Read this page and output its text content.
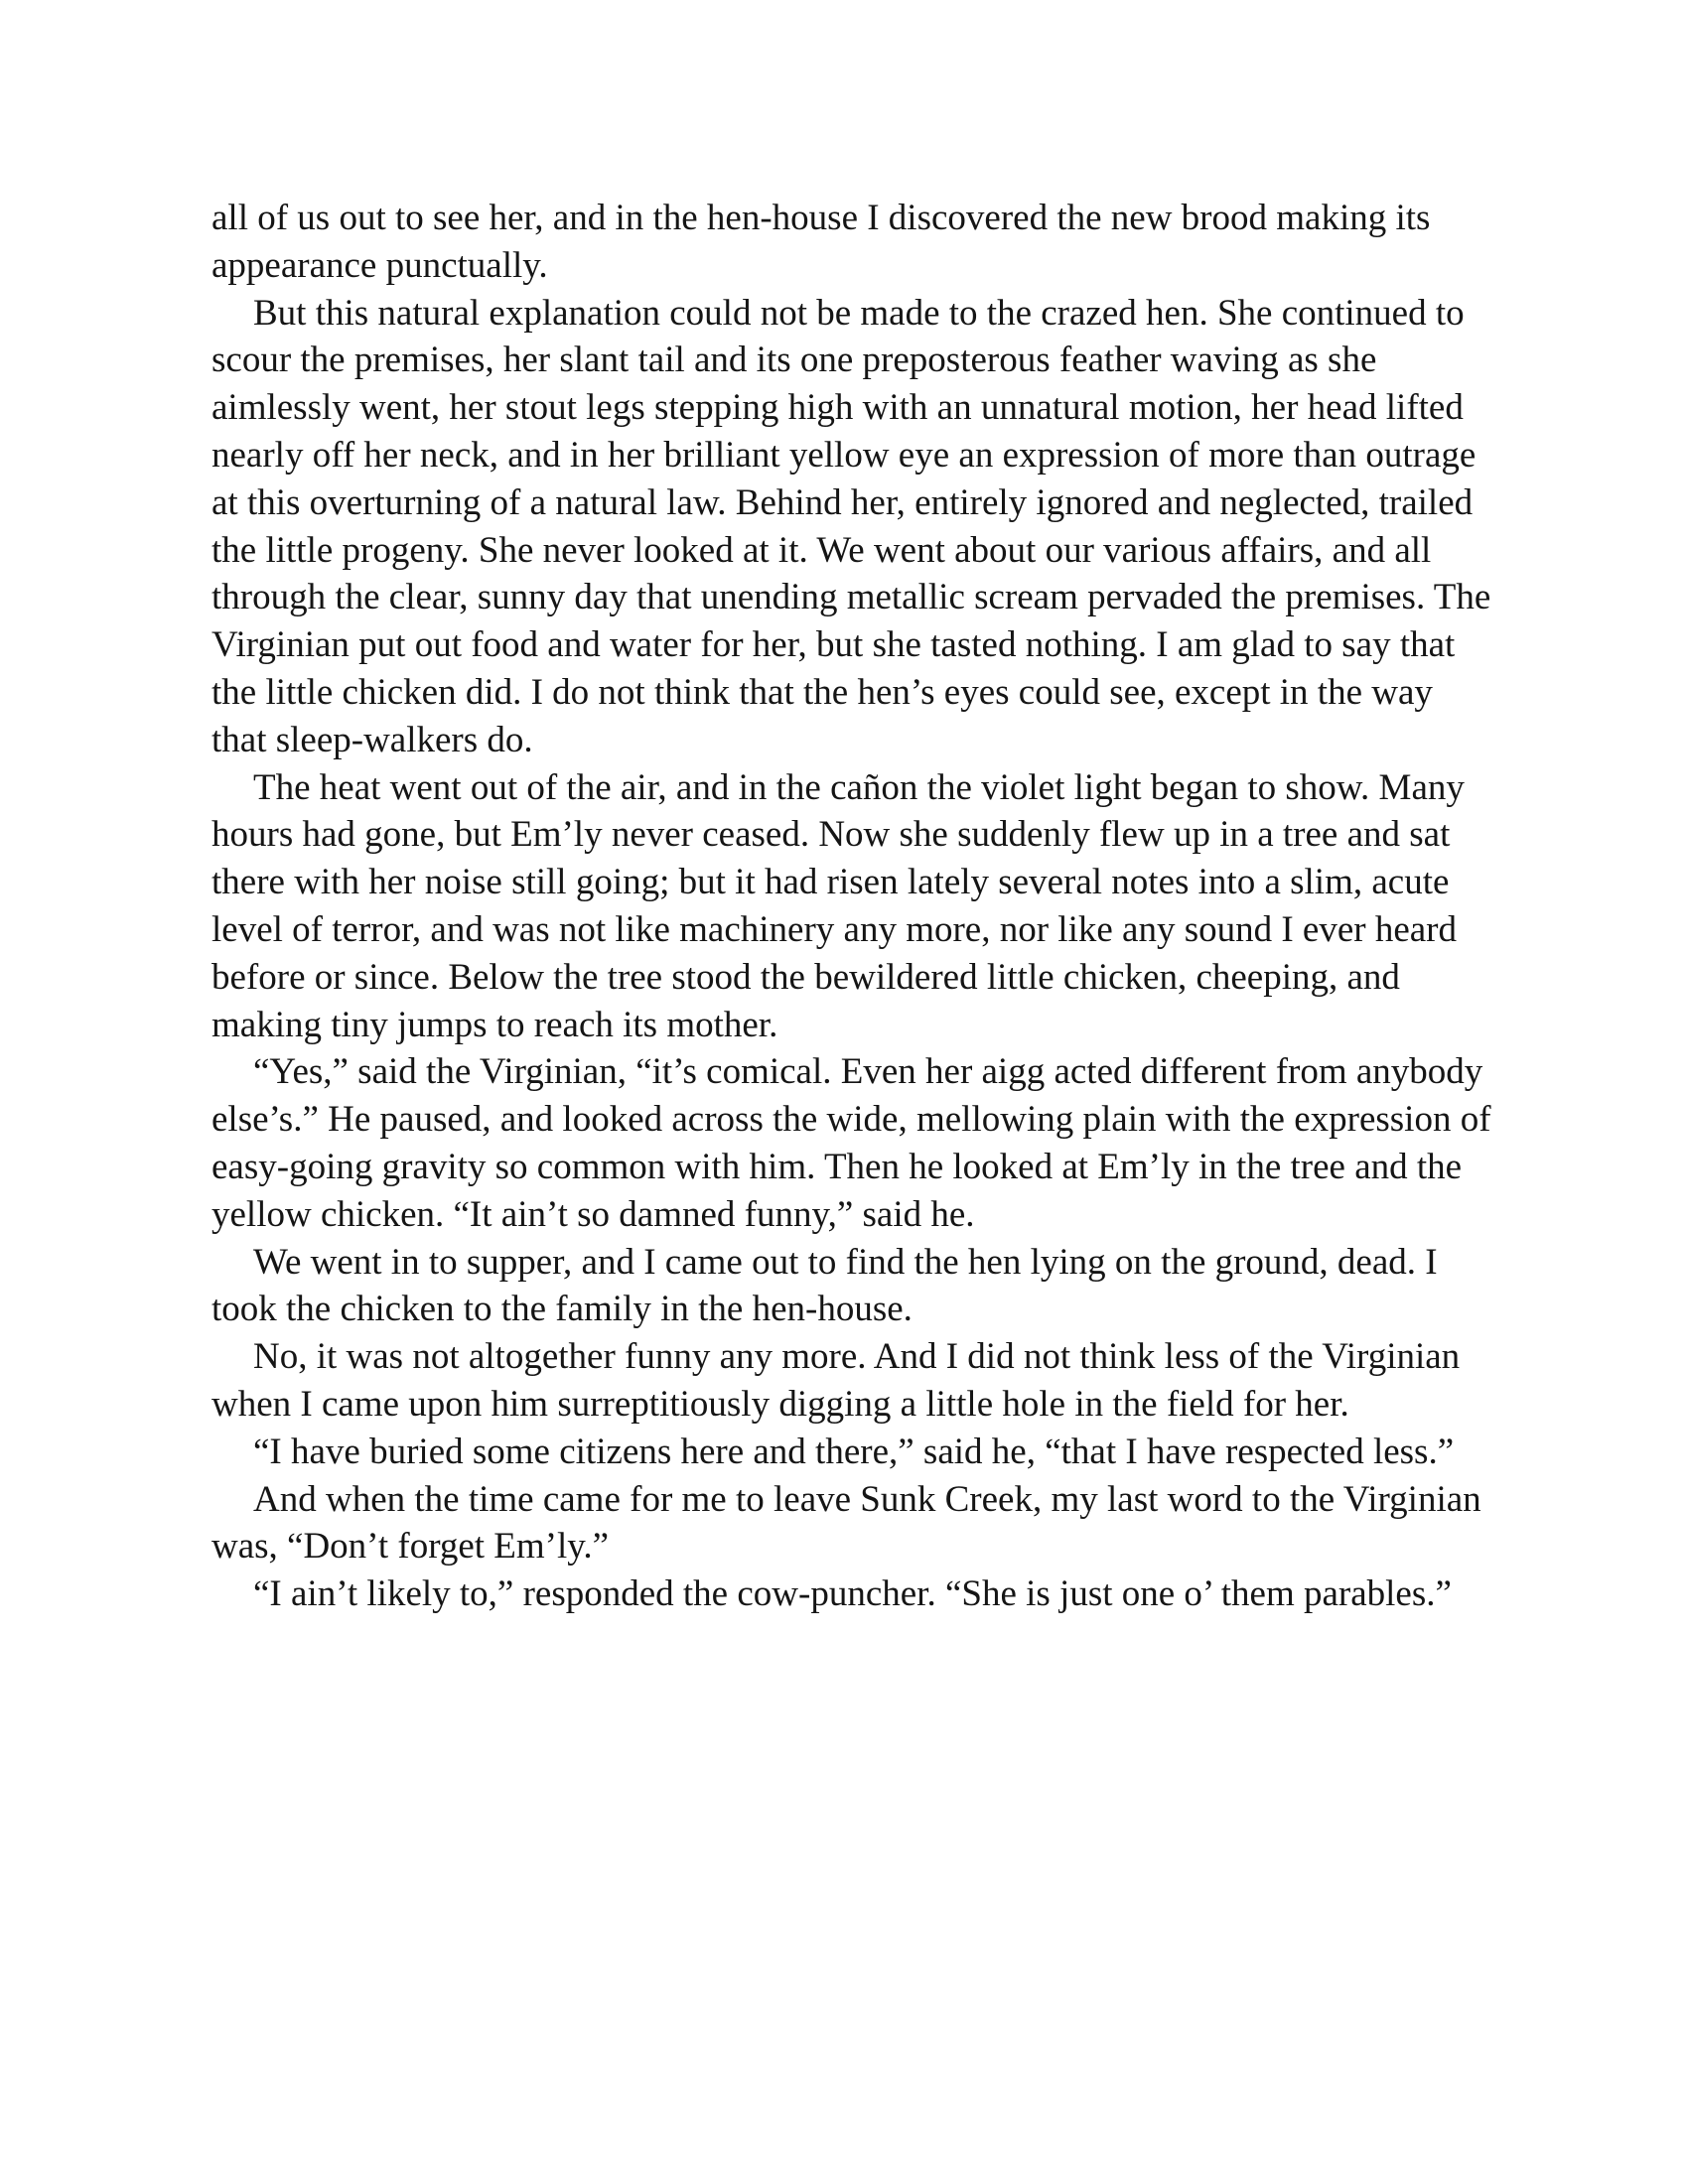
all of us out to see her, and in the hen-house I discovered the new brood making its appearance punctually.

But this natural explanation could not be made to the crazed hen. She continued to scour the premises, her slant tail and its one preposterous feather waving as she aimlessly went, her stout legs stepping high with an unnatural motion, her head lifted nearly off her neck, and in her brilliant yellow eye an expression of more than outrage at this overturning of a natural law. Behind her, entirely ignored and neglected, trailed the little progeny. She never looked at it. We went about our various affairs, and all through the clear, sunny day that unending metallic scream pervaded the premises. The Virginian put out food and water for her, but she tasted nothing. I am glad to say that the little chicken did. I do not think that the hen’s eyes could see, except in the way that sleep-walkers do.

The heat went out of the air, and in the cañon the violet light began to show. Many hours had gone, but Em’ly never ceased. Now she suddenly flew up in a tree and sat there with her noise still going; but it had risen lately several notes into a slim, acute level of terror, and was not like machinery any more, nor like any sound I ever heard before or since. Below the tree stood the bewildered little chicken, cheeping, and making tiny jumps to reach its mother.

“Yes,” said the Virginian, “it’s comical. Even her aigg acted different from anybody else’s.” He paused, and looked across the wide, mellowing plain with the expression of easy-going gravity so common with him. Then he looked at Em’ly in the tree and the yellow chicken. “It ain’t so damned funny,” said he.

We went in to supper, and I came out to find the hen lying on the ground, dead. I took the chicken to the family in the hen-house.

No, it was not altogether funny any more. And I did not think less of the Virginian when I came upon him surreptitiously digging a little hole in the field for her.

“I have buried some citizens here and there,” said he, “that I have respected less.”

And when the time came for me to leave Sunk Creek, my last word to the Virginian was, “Don’t forget Em’ly.”

“I ain’t likely to,” responded the cow-puncher. “She is just one o’ them parables.”
